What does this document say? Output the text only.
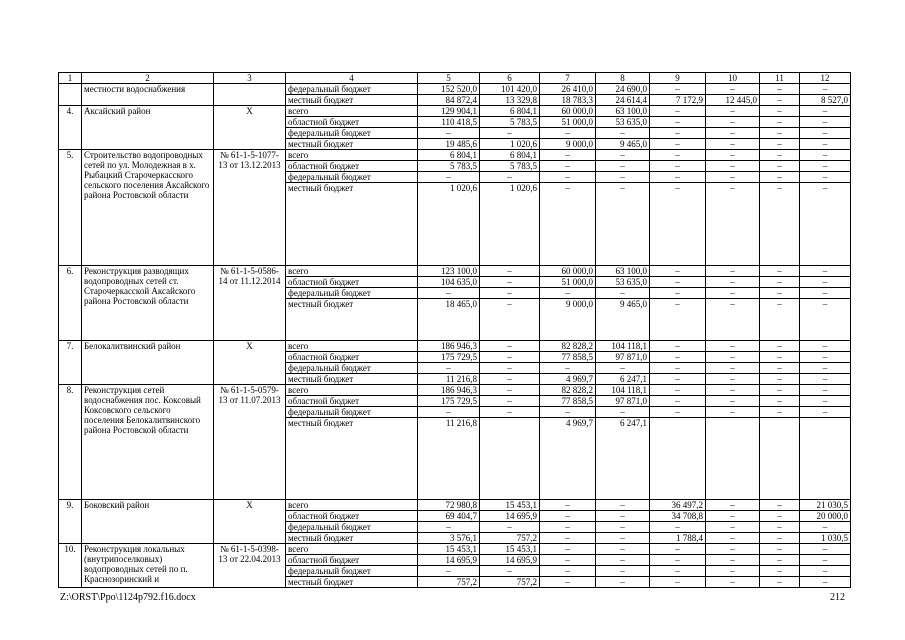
1	2	3	4	5	6	7	8	9	10	11	12
	местности водоснабжения		федеральный бюджет	152 520,0	101 420,0	26 410,0	24 690,0	–	–	–	–
			местный бюджет	84 872,4	13 329,8	18 783,3	24 614,4	7 172,9	12 445,0	–	8 527,0
4.	Аксайский район	Х	всего	129 904,1	6 804,1	60 000,0	63 100,0	–	–	–	–
			областной бюджет	110 418,5	5 783,5	51 000,0	53 635,0	–	–	–	–
			федеральный бюджет	–	–	–	–	–	–	–	–
			местный бюджет	19 485,6	1 020,6	9 000,0	9 465,0	–	–	–	–
5.	Строительство водопроводных сетей по ул. Молодежная в х. Рыбацкий Старочеркасского сельского поселения Аксайского района Ростовской области	№ 61-1-5-1077-13 от 13.12.2013	всего	6 804,1	6 804,1	–	–	–	–	–	–
			областной бюджет	5 783,5	5 783,5	–	–	–	–	–	–
			федеральный бюджет	–	–	–	–	–	–	–	–
			местный бюджет	1 020,6	1 020,6	–	–	–	–	–	–
6.	Реконструкция разводящих водопроводных сетей ст. Старочеркасской Аксайского района Ростовской области	№ 61-1-5-0586-14 от 11.12.2014	всего	123 100,0	–	60 000,0	63 100,0	–	–	–	–
			областной бюджет	104 635,0	–	51 000,0	53 635,0	–	–	–	–
			федеральный бюджет	–	–	–	–	–	–	–	–
			местный бюджет	18 465,0	–	9 000,0	9 465,0	–	–	–	–
7.	Белокалитвинский район	Х	всего	186 946,3	–	82 828,2	104 118,1	–	–	–	–
			областной бюджет	175 729,5	–	77 858,5	97 871,0	–	–	–	–
			федеральный бюджет	–	–	–	–	–	–	–	–
			местный бюджет	11 216,8	–	4 969,7	6 247,1	–	–	–	–
8.	Реконструкция сетей водоснабжения пос. Коксовый Коксовского сельского поселения Белокалитвинского района Ростовской области	№ 61-1-5-0579-13 от 11.07.2013	всего	186 946,3	–	82 828,2	104 118,1	–	–	–	–
			областной бюджет	175 729,5	–	77 858,5	97 871,0	–	–	–	–
			федеральный бюджет	–	–	–	–	–	–	–	–
			местный бюджет	11 216,8		4 969,7	6 247,1				
9.	Боковский район	Х	всего	72 980,8	15 453,1	–	–	36 497,2	–	–	21 030,5
			областной бюджет	69 404,7	14 695,9	–	–	34 708,8	–	–	20 000,0
			федеральный бюджет	–	–	–	–	–	–	–	–
			местный бюджет	3 576,1	757,2	–	–	1 788,4	–	–	1 030,5
10.	Реконструкция локальных (внутрипоселковых) водопроводных сетей по п. Краснозоринский и	№ 61-1-5-0398-13 от 22.04.2013	всего	15 453,1	15 453,1	–	–	–	–	–	–
			областной бюджет	14 695,9	14 695,9	–	–	–	–	–	–
			федеральный бюджет	–	–	–	–	–	–	–	–
			местный бюджет	757,2	757,2	–	–	–	–	–	–
Z:\ORST\Ppo\1124p792.f16.docx	212
